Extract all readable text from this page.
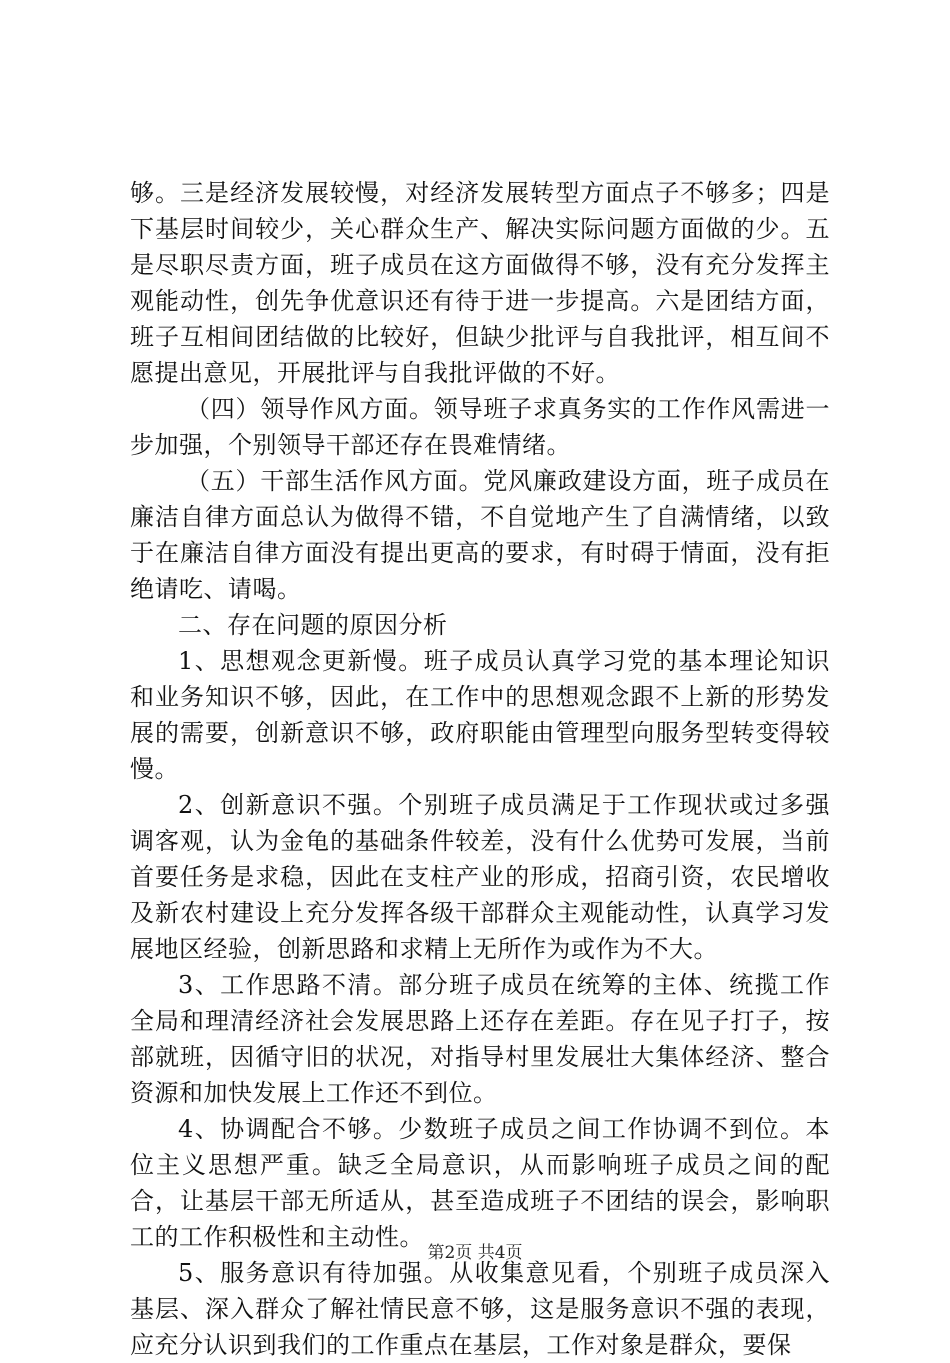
够。三是经济发展较慢，对经济发展转型方面点子不够多；四是下基层时间较少，关心群众生产、解决实际问题方面做的少。五是尽职尽责方面，班子成员在这方面做得不够，没有充分发挥主观能动性，创先争优意识还有待于进一步提高。六是团结方面，班子互相间团结做的比较好，但缺少批评与自我批评，相互间不愿提出意见，开展批评与自我批评做的不好。

（四）领导作风方面。领导班子求真务实的工作作风需进一步加强，个别领导干部还存在畏难情绪。

（五）干部生活作风方面。党风廉政建设方面，班子成员在廉洁自律方面总认为做得不错，不自觉地产生了自满情绪，以致于在廉洁自律方面没有提出更高的要求，有时碍于情面，没有拒绝请吃、请喝。

二、存在问题的原因分析

1、思想观念更新慢。班子成员认真学习党的基本理论知识和业务知识不够，因此，在工作中的思想观念跟不上新的形势发展的需要，创新意识不够，政府职能由管理型向服务型转变得较慢。

2、创新意识不强。个别班子成员满足于工作现状或过多强调客观，认为金龟的基础条件较差，没有什么优势可发展，当前首要任务是求稳，因此在支柱产业的形成，招商引资，农民增收及新农村建设上充分发挥各级干部群众主观能动性，认真学习发展地区经验，创新思路和求精上无所作为或作为不大。

3、工作思路不清。部分班子成员在统筹的主体、统揽工作全局和理清经济社会发展思路上还存在差距。存在见子打子，按部就班，因循守旧的状况，对指导村里发展壮大集体经济、整合资源和加快发展上工作还不到位。

4、协调配合不够。少数班子成员之间工作协调不到位。本位主义思想严重。缺乏全局意识，从而影响班子成员之间的配合，让基层干部无所适从，甚至造成班子不团结的误会，影响职工的工作积极性和主动性。

5、服务意识有待加强。从收集意见看，个别班子成员深入基层、深入群众了解社情民意不够，这是服务意识不强的表现，应充分认识到我们的工作重点在基层，工作对象是群众，要保

第2页 共4页
